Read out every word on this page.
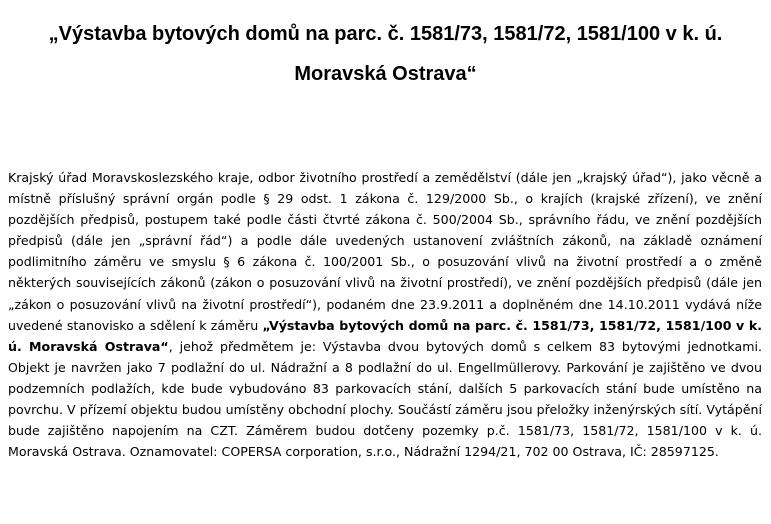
„Výstavba bytových domů na parc. č. 1581/73, 1581/72, 1581/100 v k. ú.
Moravská Ostrava“

Krajský úřad Moravskoslezského kraje, odbor životního prostředí a zemědělství (dále jen „krajský úřad“), jako věcně a místně příslušný správní orgán podle § 29 odst. 1 zákona č. 129/2000 Sb., o krajích (krajské zřízení), ve znění pozdějších předpisů, postupem také podle části čtvrté zákona č. 500/2004 Sb., správního řádu, ve znění pozdějších předpisů (dále jen „správní řád“) a podle dále uvedených ustanovení zvláštních zákonů, na základě oznámení podlimitního záměru ve smyslu § 6 zákona č. 100/2001 Sb., o posuzování vlivů na životní prostředí a o změně některých souvisejících zákonů (zákon o posuzování vlivů na životní prostředí), ve znění pozdějších předpisů (dále jen „zákon o posuzování vlivů na životní prostředí“), podaném dne 23.9.2011 a doplněném dne 14.10.2011 vydává níže uvedené stanovisko a sdělení k záměru „Výstavba bytových domů na parc. č. 1581/73, 1581/72, 1581/100 v k. ú. Moravská Ostrava“, jehož předmětem je: Výstavba dvou bytových domů s celkem 83 bytovými jednotkami. Objekt je navržen jako 7 podlažní do ul. Nádražní a 8 podlažní do ul. Engellmüllerovy. Parkování je zajištěno ve dvou podzemních podlažích, kde bude vybudováno 83 parkovacích stání, dalších 5 parkovacích stání bude umístěno na povrchu. V přízemí objektu budou umístěny obchodní plochy. Součástí záměru jsou přeložky inženýrských sítí. Vytápění bude zajištěno napojením na CZT. Záměrem budou dotčeny pozemky p.č. 1581/73, 1581/72, 1581/100 v k. ú. Moravská Ostrava. Oznamovatel: COPERSA corporation, s.r.o., Nádražní 1294/21, 702 00 Ostrava, IČ: 28597125.
